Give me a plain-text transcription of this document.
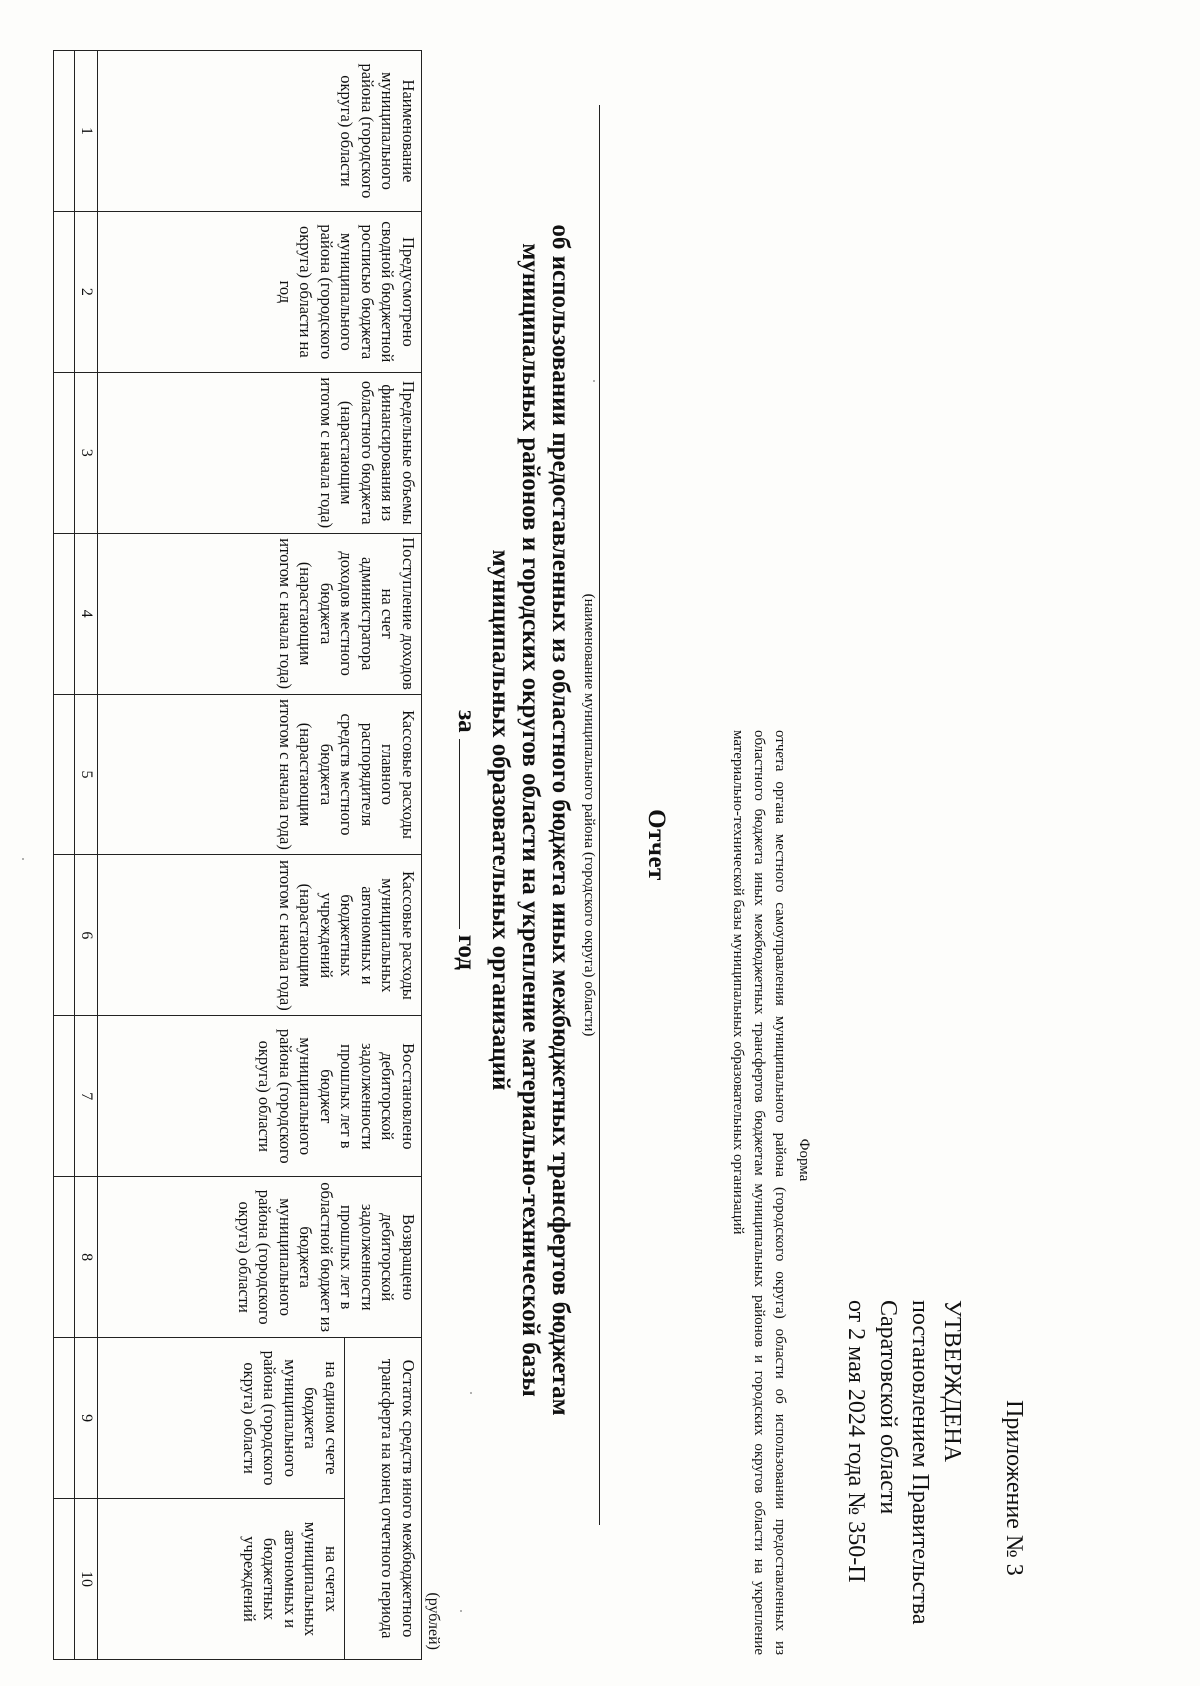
Приложение № 3
УТВЕРЖДЕНА
постановлением Правительства
Саратовской области
от 2 мая 2024 года № 350-П
Форма
отчета органа местного самоуправления муниципального района (городского округа) области об использовании предоставленных из областного бюджета иных межбюджетных трансфертов бюджетам муниципальных районов и городских округов области на укрепление материально-технической базы муниципальных образовательных организаций
Отчет
(наименование муниципального района (городского округа) области)
об использовании предоставленных из областного бюджета иных межбюджетных трансфертов бюджетам
муниципальных районов и городских округов области на укрепление материально-технической базы
муниципальных образовательных организаций
загод
(рублей)
Наименование муниципального района (городского округа) области	Предусмотрено сводной бюджетной росписью бюджета муниципального района (городского округа) области на год	Предельные объемы финансирования из областного бюджета (нарастающим итогом с начала года)	Поступление доходов на счет администратора доходов местного бюджета (нарастающим итогом с начала года)	Кассовые расходы главного распорядителя средств местного бюджета (нарастающим итогом с начала года)	Кассовые расходы муниципальных автономных и бюджетных учреждений (нарастающим итогом с начала года)	Восстановлено дебиторской задолженности прошлых лет в бюджет муниципального района (городского округа) области	Возвращено дебиторской задолженности прошлых лет в областной бюджет из бюджета муниципального района (городского округа) области	Остаток средств иного межбюджетного трансферта на конец отчетного периода	
								на едином счете бюджета муниципального района (городского округа) области	на счетах муниципальных автономных и бюджетных учреждений
1	2	3	4	5	6	7	8	9	10
